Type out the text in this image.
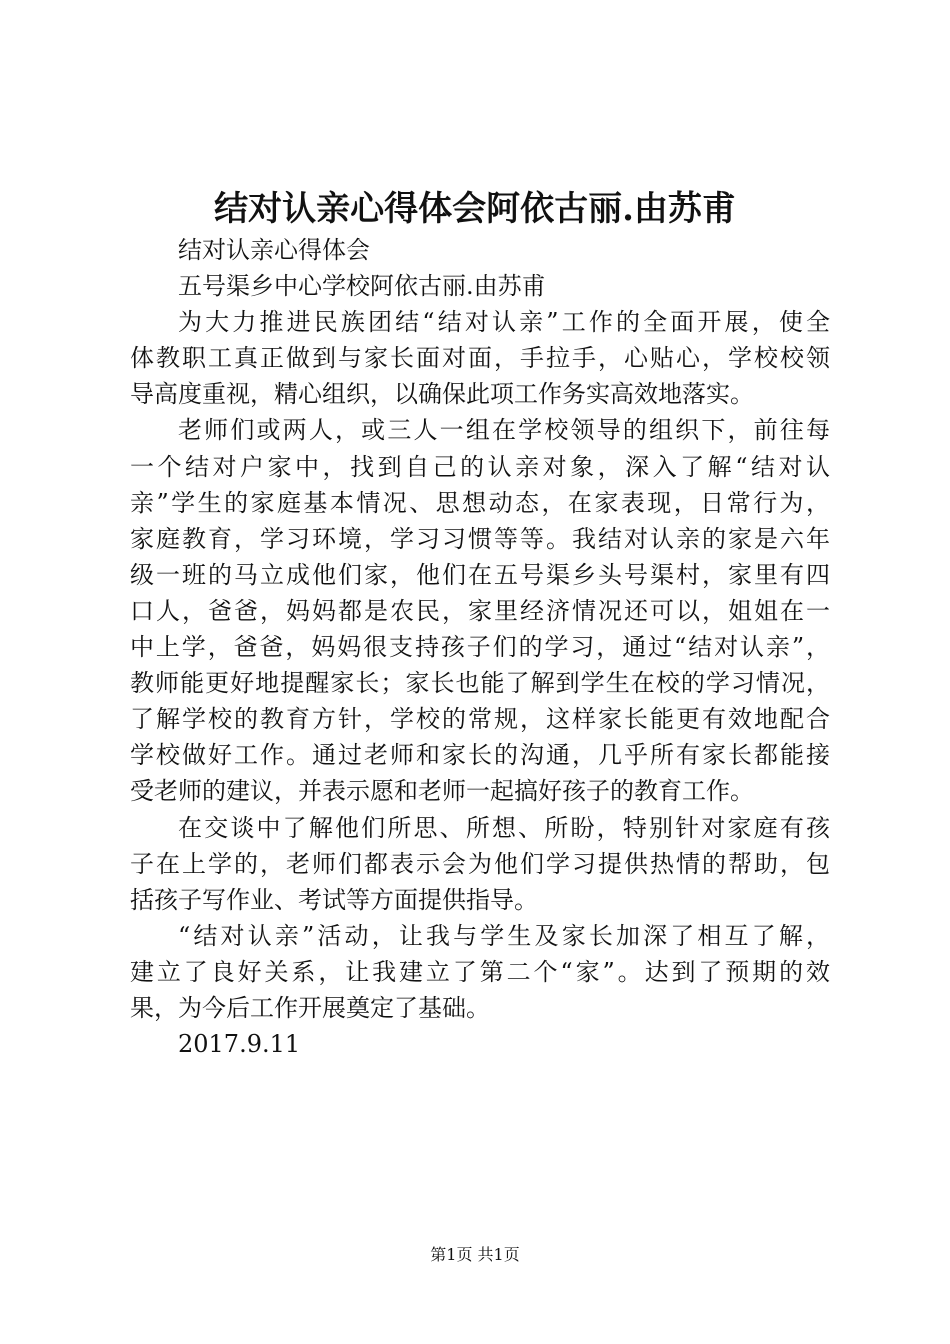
结对认亲心得体会阿依古丽.由苏甫
结对认亲心得体会
五号渠乡中心学校阿依古丽.由苏甫
为大力推进民族团结“结对认亲”工作的全面开展，使全
体教职工真正做到与家长面对面，手拉手，心贴心，学校校领
导高度重视，精心组织，以确保此项工作务实高效地落实。
老师们或两人，或三人一组在学校领导的组织下，前往每
一个结对户家中，找到自己的认亲对象，深入了解“结对认
亲”学生的家庭基本情况、思想动态，在家表现，日常行为，
家庭教育，学习环境，学习习惯等等。我结对认亲的家是六年
级一班的马立成他们家，他们在五号渠乡头号渠村，家里有四
口人，爸爸，妈妈都是农民，家里经济情况还可以，姐姐在一
中上学，爸爸，妈妈很支持孩子们的学习，通过“结对认亲”，
教师能更好地提醒家长；家长也能了解到学生在校的学习情况，
了解学校的教育方针，学校的常规，这样家长能更有效地配合
学校做好工作。通过老师和家长的沟通，几乎所有家长都能接
受老师的建议，并表示愿和老师一起搞好孩子的教育工作。
在交谈中了解他们所思、所想、所盼，特别针对家庭有孩
子在上学的，老师们都表示会为他们学习提供热情的帮助，包
括孩子写作业、考试等方面提供指导。
“结对认亲”活动，让我与学生及家长加深了相互了解，
建立了良好关系，让我建立了第二个“家”。达到了预期的效
果，为今后工作开展奠定了基础。
2017.9.11
第1页 共1页
